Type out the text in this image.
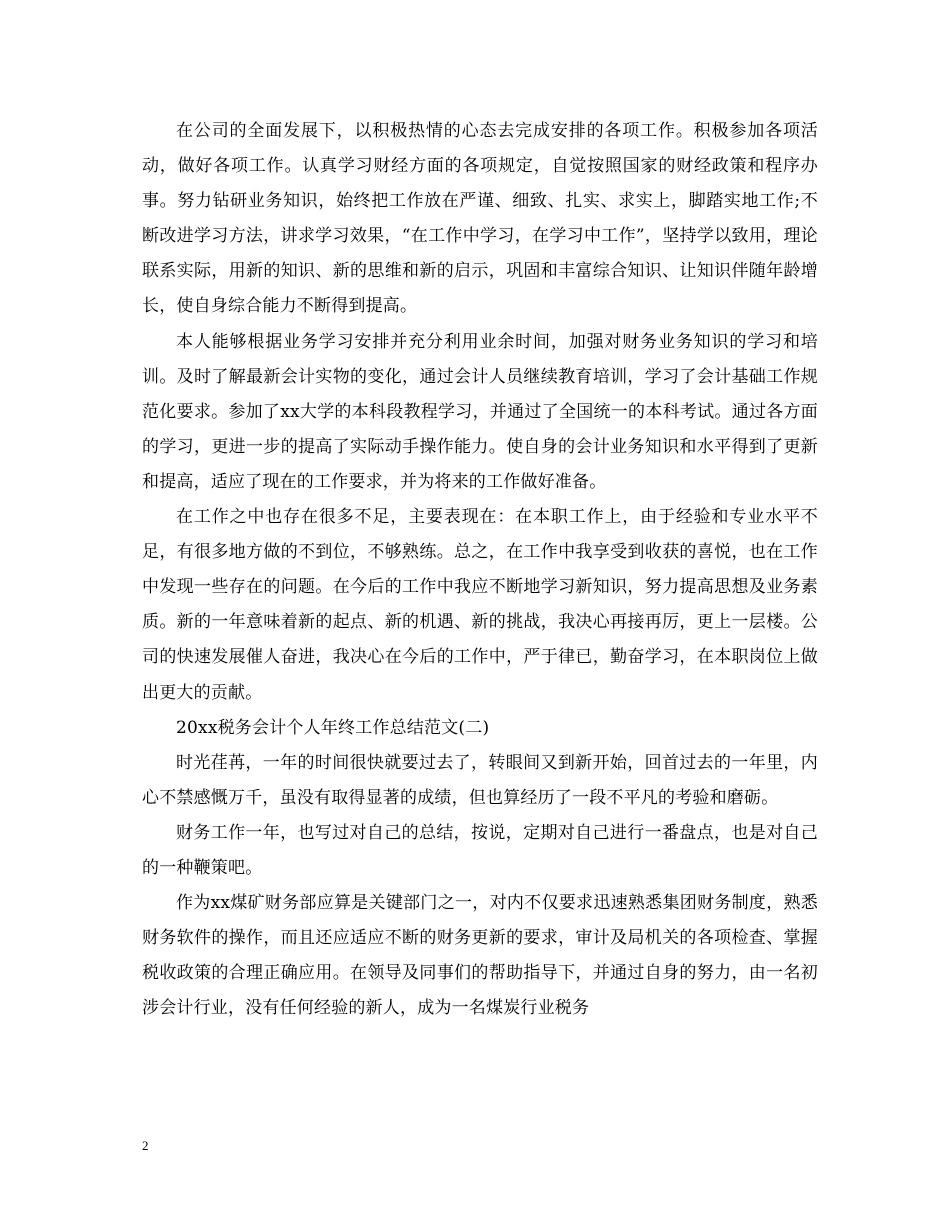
在公司的全面发展下，以积极热情的心态去完成安排的各项工作。积极参加各项活动，做好各项工作。认真学习财经方面的各项规定，自觉按照国家的财经政策和程序办事。努力钻研业务知识，始终把工作放在严谨、细致、扎实、求实上，脚踏实地工作;不断改进学习方法，讲求学习效果，“在工作中学习，在学习中工作”，坚持学以致用，理论联系实际，用新的知识、新的思维和新的启示，巩固和丰富综合知识、让知识伴随年龄增长，使自身综合能力不断得到提高。

本人能够根据业务学习安排并充分利用业余时间，加强对财务业务知识的学习和培训。及时了解最新会计实物的变化，通过会计人员继续教育培训，学习了会计基础工作规范化要求。参加了xx大学的本科段教程学习，并通过了全国统一的本科考试。通过各方面的学习，更进一步的提高了实际动手操作能力。使自身的会计业务知识和水平得到了更新和提高，适应了现在的工作要求，并为将来的工作做好准备。

在工作之中也存在很多不足，主要表现在：在本职工作上，由于经验和专业水平不足，有很多地方做的不到位，不够熟练。总之，在工作中我享受到收获的喜悦，也在工作中发现一些存在的问题。在今后的工作中我应不断地学习新知识，努力提高思想及业务素质。新的一年意味着新的起点、新的机遇、新的挑战，我决心再接再厉，更上一层楼。公司的快速发展催人奋进，我决心在今后的工作中，严于律已，勤奋学习，在本职岗位上做出更大的贡献。

20xx税务会计个人年终工作总结范文(二)

时光荏苒，一年的时间很快就要过去了，转眼间又到新开始，回首过去的一年里，内心不禁感慨万千，虽没有取得显著的成绩，但也算经历了一段不平凡的考验和磨砺。

财务工作一年，也写过对自己的总结，按说，定期对自己进行一番盘点，也是对自己的一种鞭策吧。

作为xx煤矿财务部应算是关键部门之一，对内不仅要求迅速熟悉集团财务制度，熟悉财务软件的操作，而且还应适应不断的财务更新的要求，审计及局机关的各项检查、掌握税收政策的合理正确应用。在领导及同事们的帮助指导下，并通过自身的努力，由一名初涉会计行业，没有任何经验的新人，成为一名煤炭行业税务

2
